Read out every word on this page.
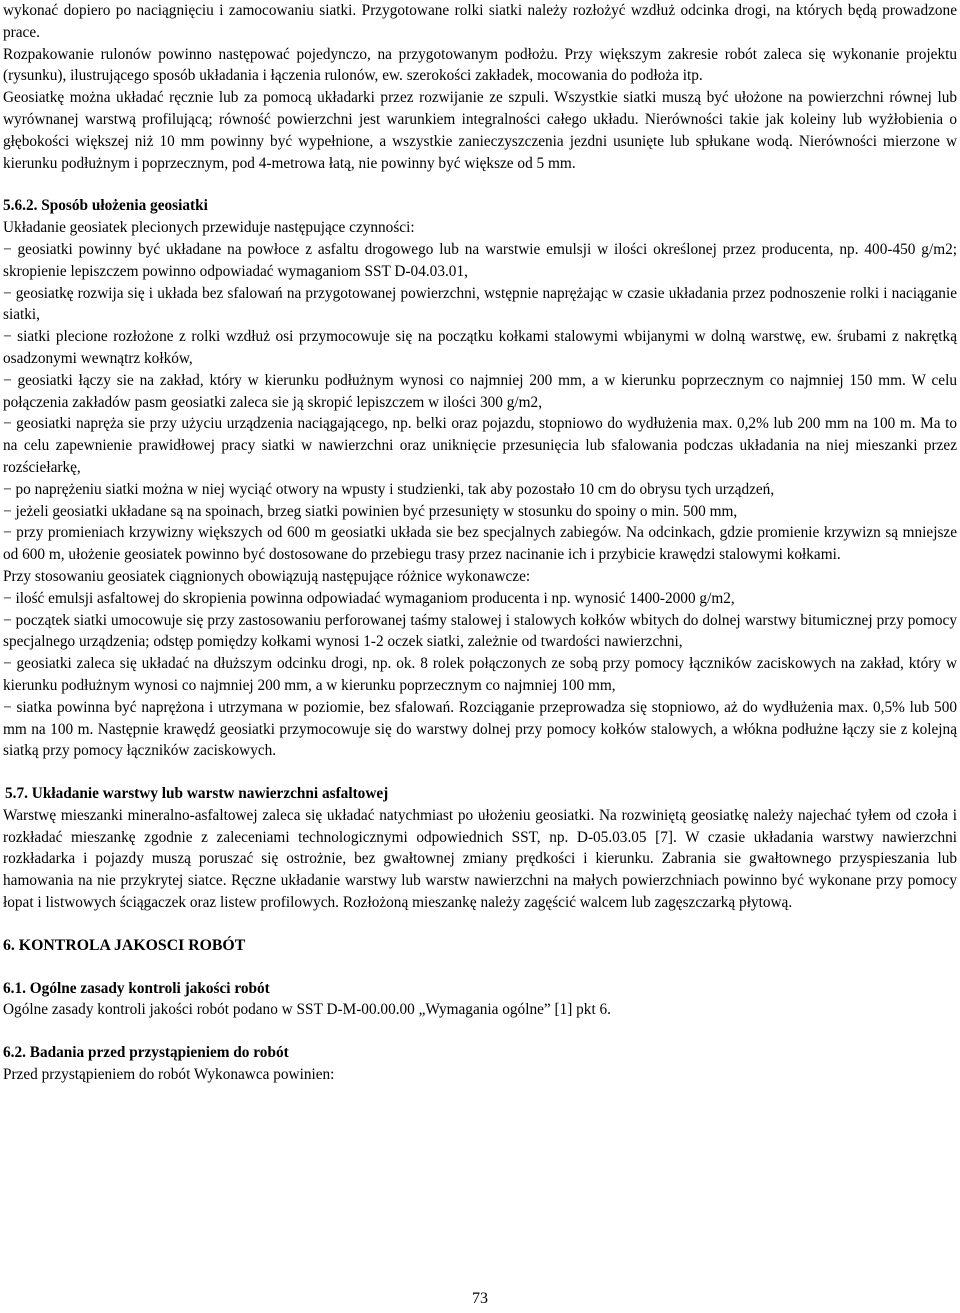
wykonać dopiero po naciągnięciu i zamocowaniu siatki. Przygotowane rolki siatki należy rozłożyć wzdłuż odcinka drogi, na których będą prowadzone prace.

Rozpakowanie rulonów powinno następować pojedynczo, na przygotowanym podłożu. Przy większym zakresie robót zaleca się wykonanie projektu (rysunku), ilustrującego sposób układania i łączenia rulonów, ew. szerokości zakładek, mocowania do podłoża itp.

Geosiatkę można układać ręcznie lub za pomocą układarki przez rozwijanie ze szpuli. Wszystkie siatki muszą być ułożone na powierzchni równej lub wyrównanej warstwą profilującą; równość powierzchni jest warunkiem integralności całego układu. Nierówności takie jak koleiny lub wyżłobienia o głębokości większej niż 10 mm powinny być wypełnione, a wszystkie zanieczyszczenia jezdni usunięte lub spłukane wodą. Nierówności mierzone w kierunku podłużnym i poprzecznym, pod 4-metrowa łatą, nie powinny być większe od 5 mm.

5.6.2. Sposób ułożenia geosiatki

Układanie geosiatek plecionych przewiduje następujące czynności:

− geosiatki powinny być układane na powłoce z asfaltu drogowego lub na warstwie emulsji w ilości określonej przez producenta, np. 400-450 g/m2; skropienie lepiszczem powinno odpowiadać wymaganiom SST D-04.03.01,

− geosiatkę rozwija się i układa bez sfalowań na przygotowanej powierzchni, wstępnie naprężając w czasie układania przez podnoszenie rolki i naciąganie siatki,

− siatki plecione rozłożone z rolki wzdłuż osi przymocowuje się na początku kołkami stalowymi wbijanymi w dolną warstwę, ew. śrubami z nakrętką osadzonymi wewnątrz kołków,

− geosiatki łączy sie na zakład, który w kierunku podłużnym wynosi co najmniej 200 mm, a w kierunku poprzecznym co najmniej 150 mm. W celu połączenia zakładów pasm geosiatki zaleca sie ją skropić lepiszczem w ilości 300 g/m2,

− geosiatki napręża sie przy użyciu urządzenia naciągającego, np. belki oraz pojazdu, stopniowo do wydłużenia max. 0,2% lub 200 mm na 100 m. Ma to na celu zapewnienie prawidłowej pracy siatki w nawierzchni oraz uniknięcie przesunięcia lub sfalowania podczas układania na niej mieszanki przez rozściełarkę,

− po naprężeniu siatki można w niej wyciąć otwory na wpusty i studzienki, tak aby pozostało 10 cm do obrysu tych urządzeń,

− jeżeli geosiatki układane są na spoinach, brzeg siatki powinien być przesunięty w stosunku do spoiny o min. 500 mm,

− przy promieniach krzywizny większych od 600 m geosiatki układa sie bez specjalnych zabiegów. Na odcinkach, gdzie promienie krzywizn są mniejsze od 600 m, ułożenie geosiatek powinno być dostosowane do przebiegu trasy przez nacinanie ich i przybicie krawędzi stalowymi kołkami.

Przy stosowaniu geosiatek ciągnionych obowiązują następujące różnice wykonawcze:

− ilość emulsji asfaltowej do skropienia powinna odpowiadać wymaganiom producenta i np. wynosić 1400-2000 g/m2,

− początek siatki umocowuje się przy zastosowaniu perforowanej taśmy stalowej i stalowych kołków wbitych do dolnej warstwy bitumicznej przy pomocy specjalnego urządzenia; odstęp pomiędzy kołkami wynosi 1-2 oczek siatki, zależnie od twardości nawierzchni,

− geosiatki zaleca się układać na dłuższym odcinku drogi, np. ok. 8 rolek połączonych ze sobą przy pomocy łączników zaciskowych na zakład, który w kierunku podłużnym wynosi co najmniej 200 mm, a w kierunku poprzecznym co najmniej 100 mm,

− siatka powinna być naprężona i utrzymana w poziomie, bez sfalowań. Rozciąganie przeprowadza się stopniowo, aż do wydłużenia max. 0,5% lub 500 mm na 100 m. Następnie krawędź geosiatki przymocowuje się do warstwy dolnej przy pomocy kołków stalowych, a włókna podłużne łączy sie z kolejną siatką przy pomocy łączników zaciskowych.

5.7. Układanie warstwy lub warstw nawierzchni asfaltowej

Warstwę mieszanki mineralno-asfaltowej zaleca się układać natychmiast po ułożeniu geosiatki. Na rozwiniętą geosiatkę należy najechać tyłem od czoła i rozkładać mieszankę zgodnie z zaleceniami technologicznymi odpowiednich SST, np. D-05.03.05 [7]. W czasie układania warstwy nawierzchni rozkładarka i pojazdy muszą poruszać się ostrożnie, bez gwałtownej zmiany prędkości i kierunku. Zabrania sie gwałtownego przyspieszania lub hamowania na nie przykrytej siatce. Ręczne układanie warstwy lub warstw nawierzchni na małych powierzchniach powinno być wykonane przy pomocy łopat i listwowych ściągaczek oraz listew profilowych. Rozłożoną mieszankę należy zagęścić walcem lub zagęszczarką płytową.

6. KONTROLA JAKOSCI ROBÓT
6.1. Ogólne zasady kontroli jakości robót

Ogólne zasady kontroli jakości robót podano w SST D-M-00.00.00 „Wymagania ogólne” [1] pkt 6.

6.2. Badania przed przystąpieniem do robót

Przed przystąpieniem do robót Wykonawca powinien:

73
